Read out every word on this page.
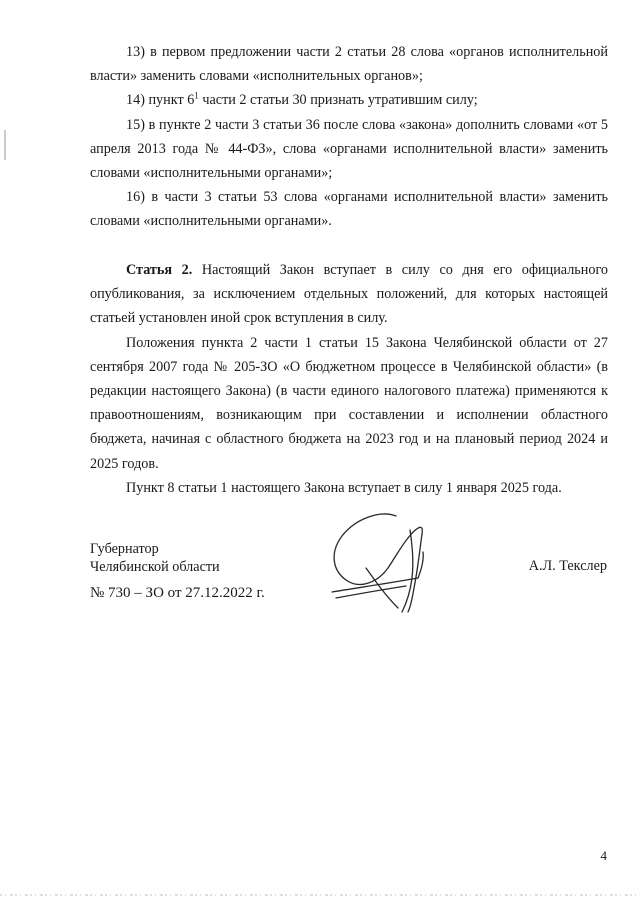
13) в первом предложении части 2 статьи 28 слова «органов исполнительной власти» заменить словами «исполнительных органов»;

14) пункт $6^1$ части 2 статьи 30 признать утратившим силу;

15) в пункте 2 части 3 статьи 36 после слова «закона» дополнить словами «от 5 апреля 2013 года № 44-ФЗ», слова «органами исполнительной власти» заменить словами «исполнительными органами»;

16) в части 3 статьи 53 слова «органами исполнительной власти» заменить словами «исполнительными органами».

Статья 2. Настоящий Закон вступает в силу со дня его официального опубликования, за исключением отдельных положений, для которых настоящей статьей установлен иной срок вступления в силу.

Положения пункта 2 части 1 статьи 15 Закона Челябинской области от 27 сентября 2007 года № 205-ЗО «О бюджетном процессе в Челябинской области» (в редакции настоящего Закона) (в части единого налогового платежа) применяются к правоотношениям, возникающим при составлении и исполнении областного бюджета, начиная с областного бюджета на 2023 год и на плановый период 2024 и 2025 годов.

Пункт 8 статьи 1 настоящего Закона вступает в силу 1 января 2025 года.

Губернатор
Челябинской области	А.Л. Текслер
№ 730 – ЗО от 27.12.2022 г.
4
